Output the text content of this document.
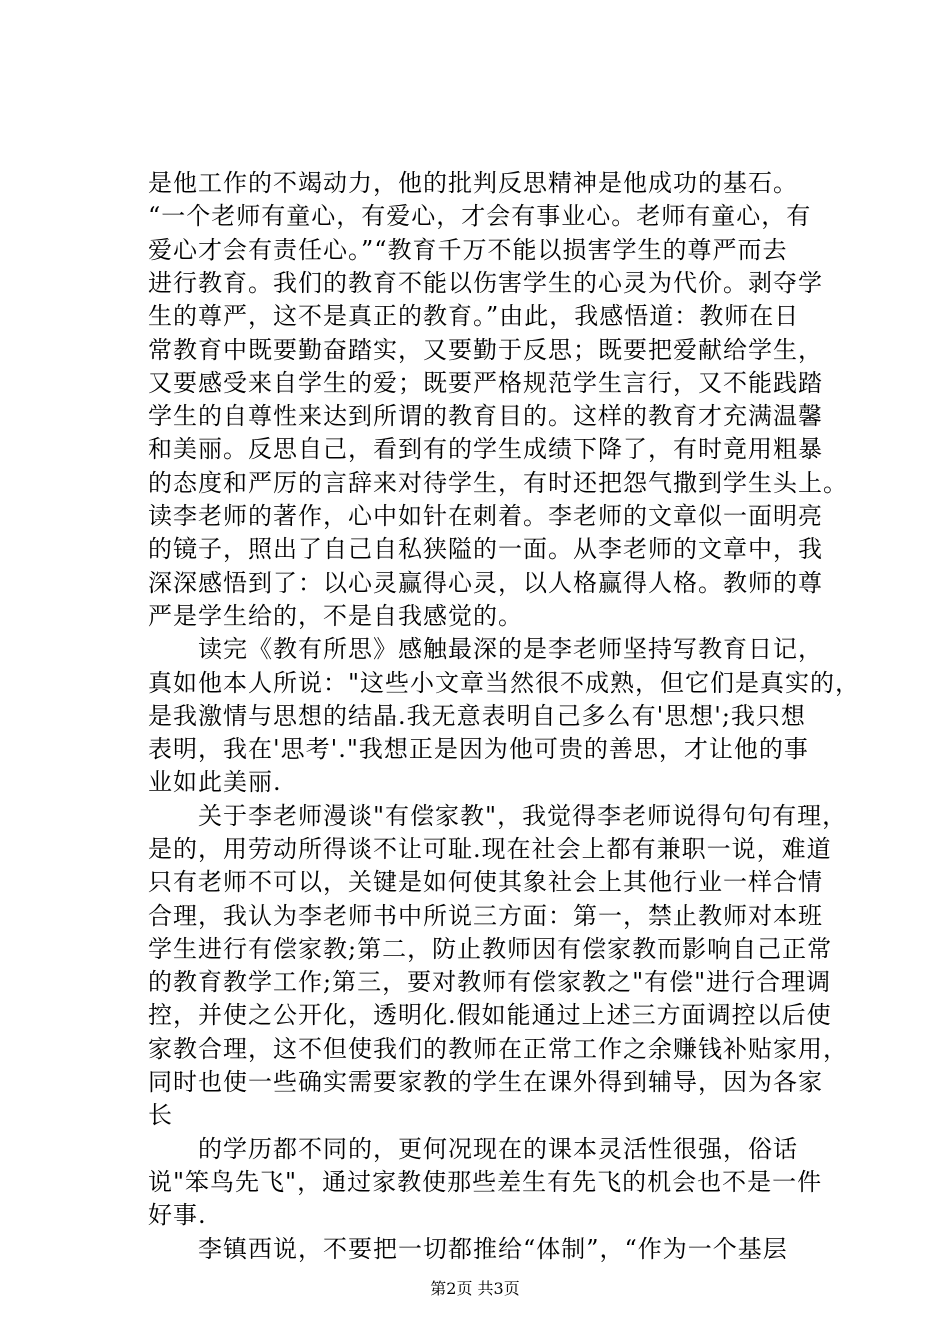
是他工作的不竭动力，他的批判反思精神是他成功的基石。
“一个老师有童心，有爱心，才会有事业心。老师有童心，有
爱心才会有责任心。”“教育千万不能以损害学生的尊严而去
进行教育。我们的教育不能以伤害学生的心灵为代价。剥夺学
生的尊严，这不是真正的教育。”由此，我感悟道：教师在日
常教育中既要勤奋踏实，又要勤于反思；既要把爱献给学生，
又要感受来自学生的爱；既要严格规范学生言行，又不能践踏
学生的自尊性来达到所谓的教育目的。这样的教育才充满温馨
和美丽。反思自己，看到有的学生成绩下降了，有时竟用粗暴
的态度和严厉的言辞来对待学生，有时还把怨气撒到学生头上。
读李老师的著作，心中如针在刺着。李老师的文章似一面明亮
的镜子，照出了自己自私狭隘的一面。从李老师的文章中，我
深深感悟到了：以心灵赢得心灵，以人格赢得人格。教师的尊
严是学生给的，不是自我感觉的。
　　读完《教有所思》感触最深的是李老师坚持写教育日记，
真如他本人所说："这些小文章当然很不成熟，但它们是真实的，
是我激情与思想的结晶.我无意表明自己多么有'思想';我只想
表明，我在'思考'."我想正是因为他可贵的善思，才让他的事
业如此美丽.
　　关于李老师漫谈"有偿家教"，我觉得李老师说得句句有理，
是的，用劳动所得谈不让可耻.现在社会上都有兼职一说，难道
只有老师不可以，关键是如何使其象社会上其他行业一样合情
合理，我认为李老师书中所说三方面：第一，禁止教师对本班
学生进行有偿家教;第二，防止教师因有偿家教而影响自己正常
的教育教学工作;第三，要对教师有偿家教之"有偿"进行合理调
控，并使之公开化，透明化.假如能通过上述三方面调控以后使
家教合理，这不但使我们的教师在正常工作之余赚钱补贴家用，
同时也使一些确实需要家教的学生在课外得到辅导，因为各家
长
　　的学历都不同的，更何况现在的课本灵活性很强，俗话
说"笨鸟先飞"，通过家教使那些差生有先飞的机会也不是一件
好事.
　　李镇西说，不要把一切都推给“体制”，“作为一个基层
第2页 共3页
